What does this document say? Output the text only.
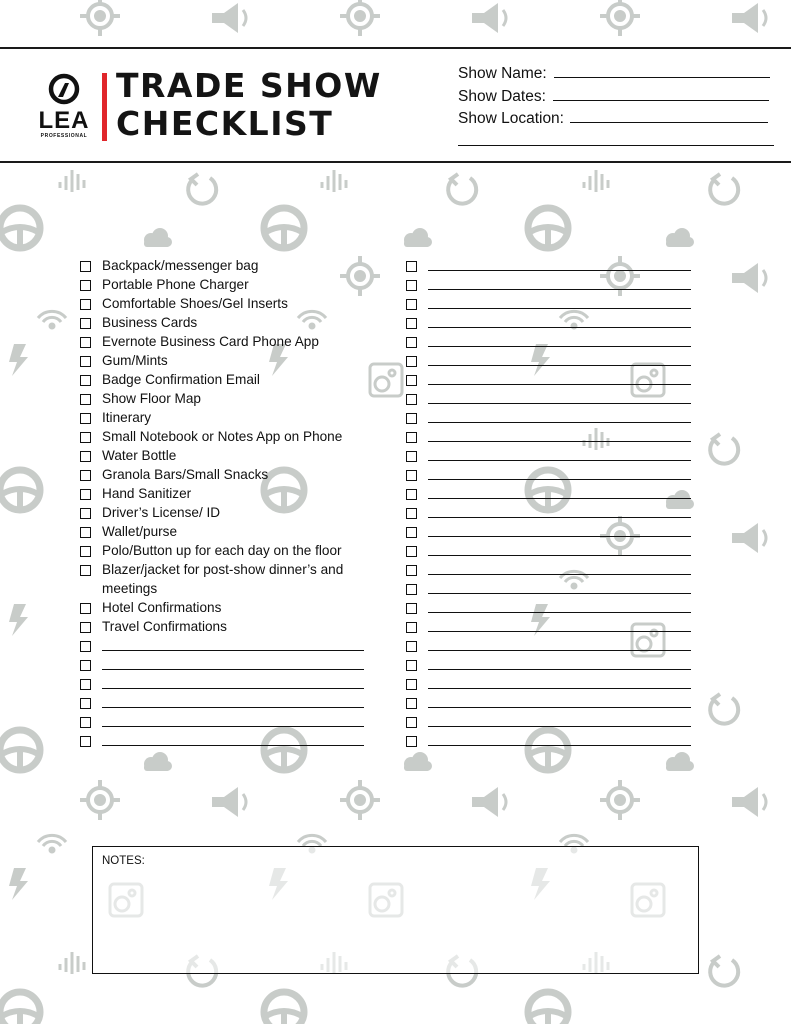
LEA
PROFESSIONAL
TRADE SHOW
CHECKLIST
Show Name:
Show Dates:
Show Location:
Backpack/messenger bag
Portable Phone Charger
Comfortable Shoes/Gel Inserts
Business Cards
Evernote Business Card Phone App
Gum/Mints
Badge Confirmation Email
Show Floor Map
Itinerary
Small Notebook or Notes App on Phone
Water Bottle
Granola Bars/Small Snacks
Hand Sanitizer
Driver’s License/ ID
Wallet/purse
Polo/Button up for each day on the floor
Blazer/jacket for post-show dinner’s and meetings
Hotel Confirmations
Travel Confirmations
NOTES:
